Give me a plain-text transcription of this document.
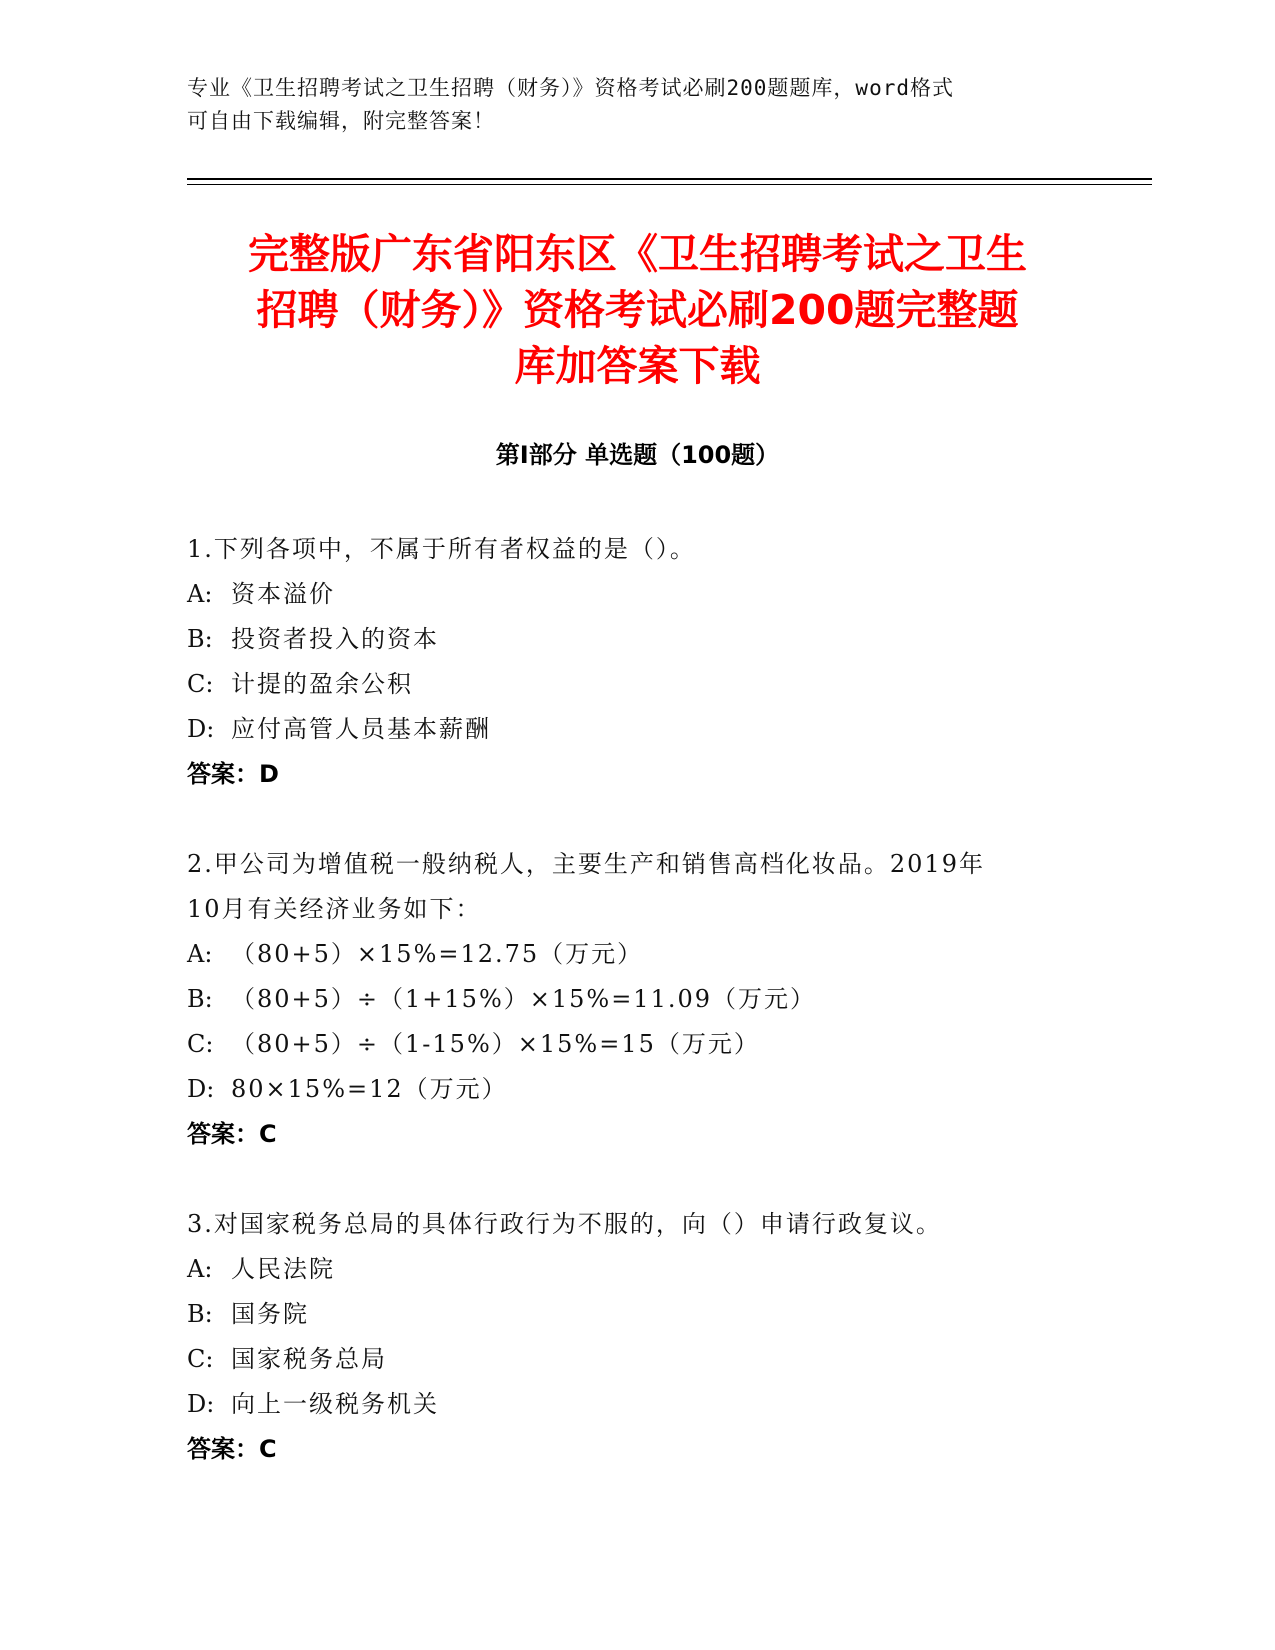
专业《卫生招聘考试之卫生招聘（财务）》资格考试必刷200题题库，word格式
可自由下载编辑，附完整答案！
完整版广东省阳东区《卫生招聘考试之卫生
招聘（财务）》资格考试必刷200题完整题
库加答案下载
第Ⅰ部分 单选题（100题）
1.下列各项中，不属于所有者权益的是（）。
A: 资本溢价
B: 投资者投入的资本
C: 计提的盈余公积
D: 应付高管人员基本薪酬
答案：D
2.甲公司为增值税一般纳税人，主要生产和销售高档化妆品。2019年
10月有关经济业务如下：
A: （80+5）×15%=12.75（万元）
B: （80+5）÷（1+15%）×15%=11.09（万元）
C: （80+5）÷（1-15%）×15%=15（万元）
D: 80×15%=12（万元）
答案：C
3.对国家税务总局的具体行政行为不服的，向（）申请行政复议。
A: 人民法院
B: 国务院
C: 国家税务总局
D: 向上一级税务机关
答案：C
